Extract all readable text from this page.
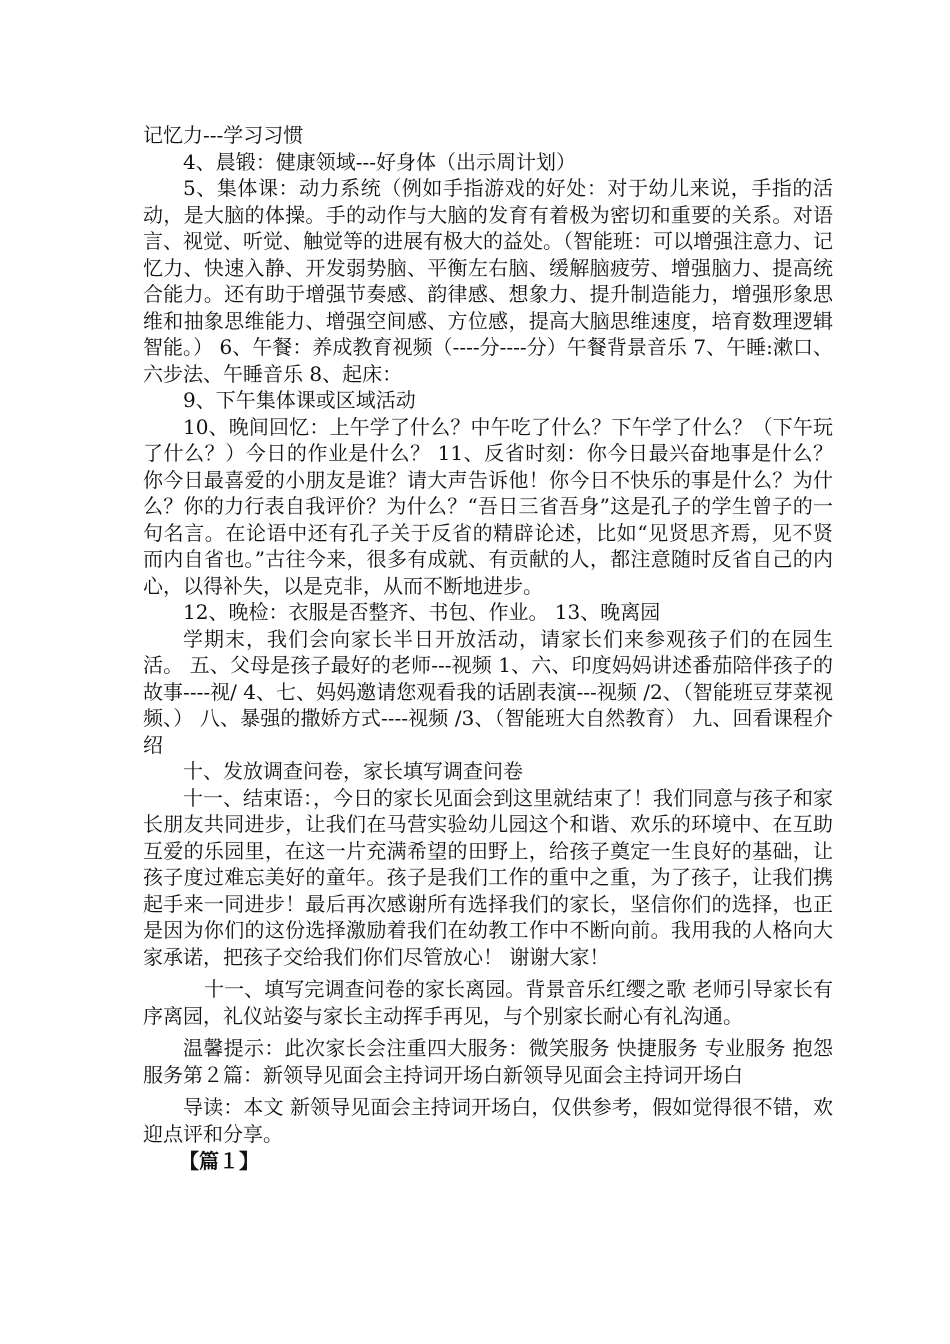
记忆力---学习习惯

4、晨锻：健康领域---好身体（出示周计划）

5、集体课：动力系统（例如手指游戏的好处：对于幼儿来说，手指的活动，是大脑的体操。手的动作与大脑的发育有着极为密切和重要的关系。对语言、视觉、听觉、触觉等的进展有极大的益处。（智能班：可以增强注意力、记忆力、快速入静、开发弱势脑、平衡左右脑、缓解脑疲劳、增强脑力、提高统合能力。还有助于增强节奏感、韵律感、想象力、提升制造能力，增强形象思维和抽象思维能力、增强空间感、方位感，提高大脑思维速度，培育数理逻辑智能。） 6、午餐：养成教育视频（----分----分）午餐背景音乐 7、午睡:漱口、六步法、午睡音乐 8、起床：

9、下午集体课或区域活动

10、晚间回忆：上午学了什么？中午吃了什么？下午学了什么？（下午玩了什么？）今日的作业是什么？ 11、反省时刻：你今日最兴奋地事是什么？你今日最喜爱的小朋友是谁？请大声告诉他！你今日不快乐的事是什么？为什么？你的力行表自我评价？为什么？“吾日三省吾身”这是孔子的学生曾子的一句名言。在论语中还有孔子关于反省的精辟论述，比如“见贤思齐焉，见不贤而内自省也。”古往今来，很多有成就、有贡献的人，都注意随时反省自己的内心，以得补失，以是克非，从而不断地进步。

12、晚检：衣服是否整齐、书包、作业。 13、晚离园

学期末，我们会向家长半日开放活动，请家长们来参观孩子们的在园生活。 五、父母是孩子最好的老师---视频 1、六、印度妈妈讲述番茄陪伴孩子的故事----视/ 4、七、妈妈邀请您观看我的话剧表演---视频 /2、（智能班豆芽菜视频、） 八、暴强的撒娇方式----视频 /3、（智能班大自然教育） 九、回看课程介绍

十、发放调查问卷，家长填写调查问卷

十一、结束语：，今日的家长见面会到这里就结束了！我们同意与孩子和家长朋友共同进步，让我们在马营实验幼儿园这个和谐、欢乐的环境中、在互助互爱的乐园里，在这一片充满希望的田野上，给孩子奠定一生良好的基础，让孩子度过难忘美好的童年。孩子是我们工作的重中之重，为了孩子，让我们携起手来一同进步！最后再次感谢所有选择我们的家长，坚信你们的选择，也正是因为你们的这份选择激励着我们在幼教工作中不断向前。我用我的人格向大家承诺，把孩子交给我们你们尽管放心！ 谢谢大家！

十一、填写完调查问卷的家长离园。背景音乐红缨之歌 老师引导家长有序离园，礼仪站姿与家长主动挥手再见，与个别家长耐心有礼沟通。

温馨提示：此次家长会注重四大服务：微笑服务 快捷服务 专业服务 抱怨服务第２篇：新领导见面会主持词开场白新领导见面会主持词开场白

导读：本文 新领导见面会主持词开场白，仅供参考，假如觉得很不错，欢迎点评和分享。

【篇１】
